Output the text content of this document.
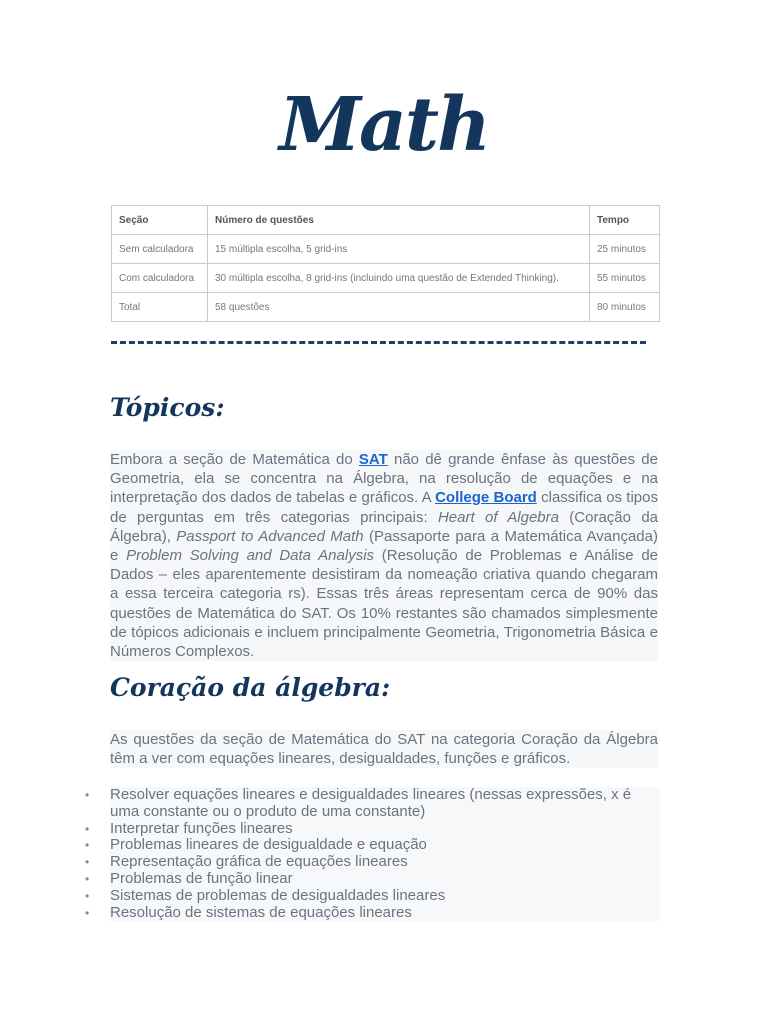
Math
Seção	Número de questões	Tempo
Sem calculadora	15 múltipla escolha, 5 grid-ins	25 minutos
Com calculadora	30 múltipla escolha, 8 grid-ins (incluindo uma questão de Extended Thinking).	55 minutos
Total	58 questões	80 minutos
Tópicos:
Embora a seção de Matemática do SAT não dê grande ênfase às questões de Geometria, ela se concentra na Álgebra, na resolução de equações e na interpretação dos dados de tabelas e gráficos. A College Board classifica os tipos de perguntas em três categorias principais: Heart of Algebra (Coração da Álgebra), Passport to Advanced Math (Passaporte para a Matemática Avançada) e Problem Solving and Data Analysis (Resolução de Problemas e Análise de Dados – eles aparentemente desistiram da nomeação criativa quando chegaram a essa terceira categoria rs). Essas três áreas representam cerca de 90% das questões de Matemática do SAT. Os 10% restantes são chamados simplesmente de tópicos adicionais e incluem principalmente Geometria, Trigonometria Básica e Números Complexos.
Coração da álgebra:
As questões da seção de Matemática do SAT na categoria Coração da Álgebra têm a ver com equações lineares, desigualdades, funções e gráficos.
• Resolver equações lineares e desigualdades lineares (nessas expressões, x é uma constante ou o produto de uma constante)
• Interpretar funções lineares
• Problemas lineares de desigualdade e equação
• Representação gráfica de equações lineares
• Problemas de função linear
• Sistemas de problemas de desigualdades lineares
• Resolução de sistemas de equações lineares
